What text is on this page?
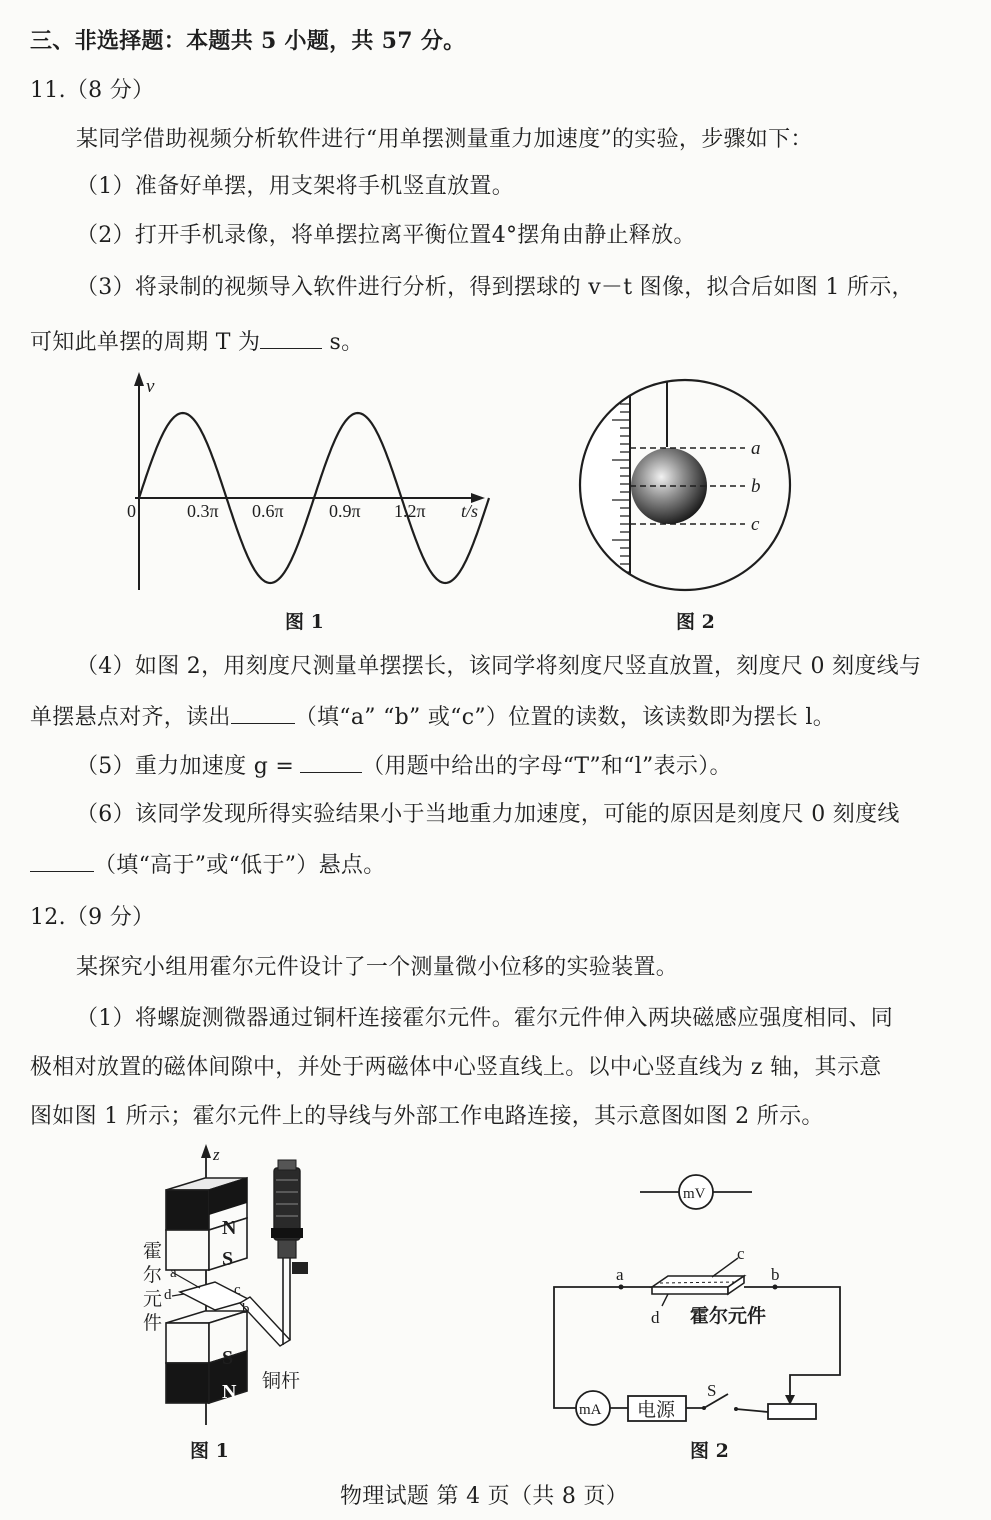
三、非选择题：本题共 5 小题，共 57 分。
11.（8 分）
某同学借助视频分析软件进行“用单摆测量重力加速度”的实验，步骤如下：
（1）准备好单摆，用支架将手机竖直放置。
（2）打开手机录像，将单摆拉离平衡位置4°摆角由静止释放。
（3）将录制的视频导入软件进行分析，得到摆球的 v－t 图像，拟合后如图 1 所示，
可知此单摆的周期 T 为	s。
（4）如图 2，用刻度尺测量单摆摆长，该同学将刻度尺竖直放置，刻度尺 0 刻度线与
单摆悬点对齐，读出	（填“a” “b” 或“c”）位置的读数，该读数即为摆长 l。
（5）重力加速度 g =	（用题中给出的字母“T”和“l”表示）。
（6）该同学发现所得实验结果小于当地重力加速度，可能的原因是刻度尺 0 刻度线
（填“高于”或“低于”）悬点。
12.（9 分）
某探究小组用霍尔元件设计了一个测量微小位移的实验装置。
（1）将螺旋测微器通过铜杆连接霍尔元件。霍尔元件伸入两块磁感应强度相同、同
极相对放置的磁体间隙中，并处于两磁体中心竖直线上。以中心竖直线为 z 轴，其示意
图如图 1 所示；霍尔元件上的导线与外部工作电路连接，其示意图如图 2 所示。
物理试题 第 4 页（共 8 页）
v
t/s
0	0.3π 0.6π	0.9π 1.2π
图 1
a
b
c
图 2
z
N
S
S
N
霍
尔
元
件
a
d	c
b
铜杆
图 1
mV
a	b
c
d 霍尔元件
mA 电源
S
图 2
